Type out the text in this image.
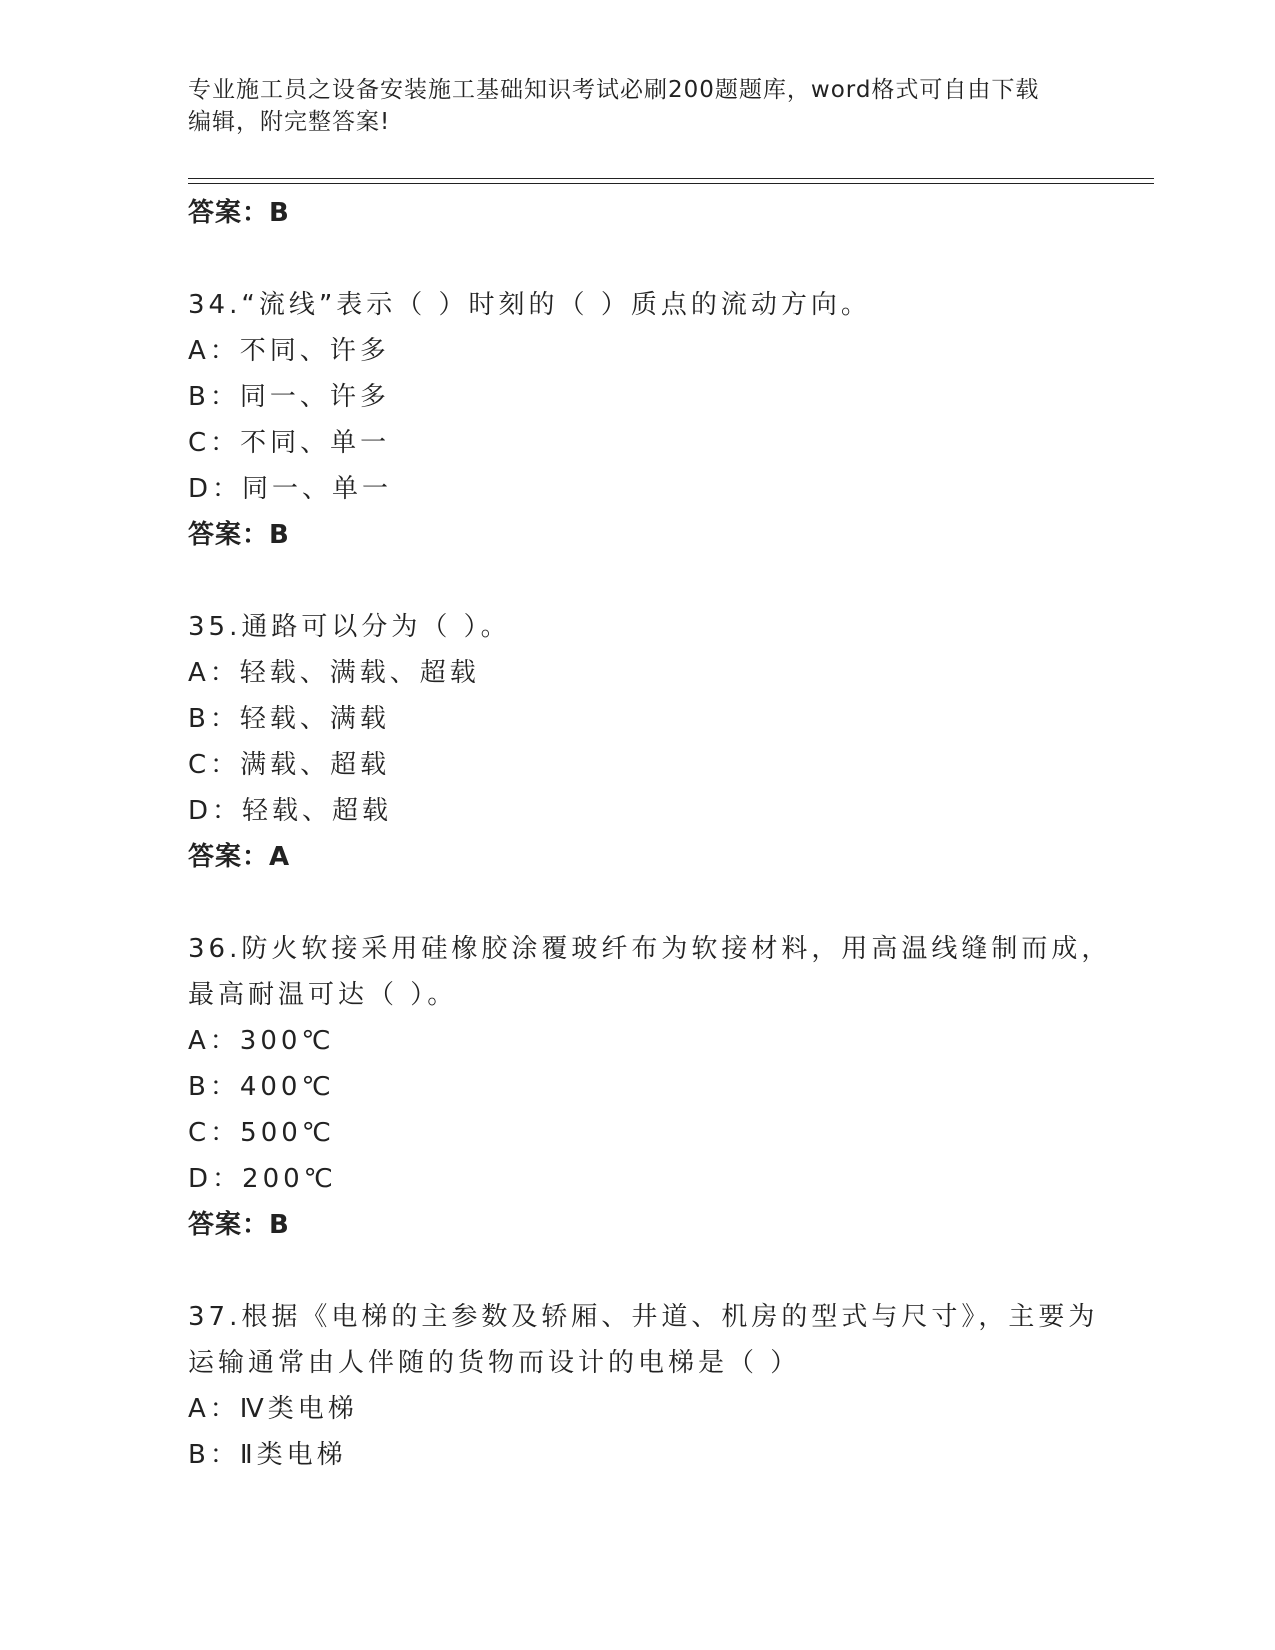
专业施工员之设备安装施工基础知识考试必刷200题题库，word格式可自由下载
编辑，附完整答案!
答案：B
34.“流线”表示（ ）时刻的（ ）质点的流动方向。
A：不同、许多
B：同一、许多
C：不同、单一
D：同一、单一
答案：B
35.通路可以分为（ ）。
A：轻载、满载、超载
B：轻载、满载
C：满载、超载
D：轻载、超载
答案：A
36.防火软接采用硅橡胶涂覆玻纤布为软接材料，用高温线缝制而成，
最高耐温可达（ ）。
A：300℃
B：400℃
C：500℃
D：200℃
答案：B
37.根据《电梯的主参数及轿厢、井道、机房的型式与尺寸》，主要为
运输通常由人伴随的货物而设计的电梯是（ ）
A：Ⅳ类电梯
B：Ⅱ类电梯
